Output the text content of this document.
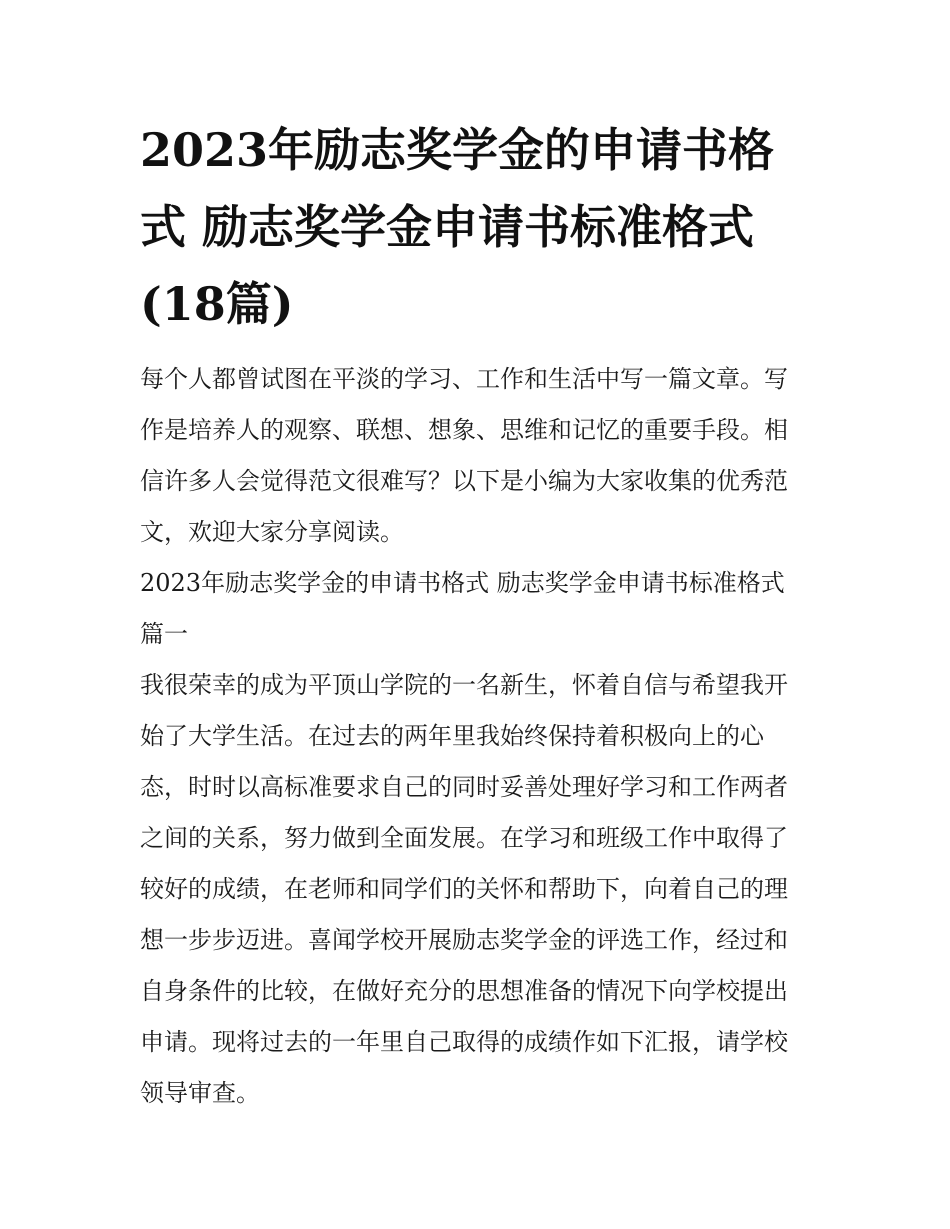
2023年励志奖学金的申请书格
式 励志奖学金申请书标准格式
(18篇)

每个人都曾试图在平淡的学习、工作和生活中写一篇文章。写
作是培养人的观察、联想、想象、思维和记忆的重要手段。相
信许多人会觉得范文很难写？以下是小编为大家收集的优秀范
文，欢迎大家分享阅读。

2023年励志奖学金的申请书格式 励志奖学金申请书标准格式
篇一

我很荣幸的成为平顶山学院的一名新生，怀着自信与希望我开
始了大学生活。在过去的两年里我始终保持着积极向上的心
态，时时以高标准要求自己的同时妥善处理好学习和工作两者
之间的关系，努力做到全面发展。在学习和班级工作中取得了
较好的成绩，在老师和同学们的关怀和帮助下，向着自己的理
想一步步迈进。喜闻学校开展励志奖学金的评选工作，经过和
自身条件的比较，在做好充分的思想准备的情况下向学校提出
申请。现将过去的一年里自己取得的成绩作如下汇报，请学校
领导审查。
